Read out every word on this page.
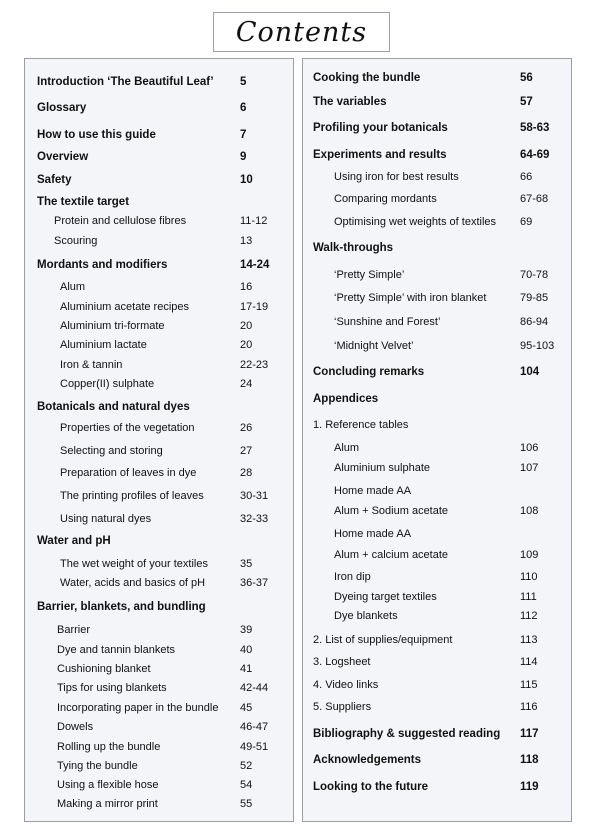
Contents
Introduction ‘The Beautiful Leaf’ 5
Glossary	6
How to use this guide	7
Overview	9
Safety	10
The textile target
Protein and cellulose fibres	11-12
Scouring	13
Mordants and modifiers	14-24
Alum	16
Aluminium acetate recipes	17-19
Aluminium tri-formate	20
Aluminium lactate	20
Iron & tannin	22-23
Copper(II) sulphate	24
Botanicals and natural dyes
Properties of the vegetation	26
Selecting and storing	27
Preparation of leaves in dye	28
The printing profiles of leaves	30-31
Using natural dyes	32-33
Water and pH
The wet weight of your textiles	35
Water, acids and basics of pH	36-37
Barrier, blankets, and bundling
Barrier	39
Dye and tannin blankets	40
Cushioning blanket	41
Tips for using blankets	42-44
Incorporating paper in the bundle 45
Dowels	46-47
Rolling up the bundle	49-51
Tying the bundle	52
Using a flexible hose	54
Making a mirror print	55
Cooking the bundle	56
The variables	57
Profiling your botanicals	58-63
Experiments and results	64-69
Using iron for best results	66
Comparing mordants	67-68
Optimising wet weights of textiles 69
Walk-throughs
‘Pretty Simple’	70-78
‘Pretty Simple’ with iron blanket	79-85
‘Sunshine and Forest’	86-94
‘Midnight Velvet’	95-103
Concluding remarks	104
Appendices
1. Reference tables
Alum	106
Aluminium sulphate	107
Home made AA
Alum + Sodium acetate	108
Home made AA
Alum + calcium acetate	109
Iron dip	110
Dyeing target textiles	111
Dye blankets	112
2. List of supplies/equipment	113
3. Logsheet	114
4. Video links	115
5. Suppliers	116
Bibliography & suggested reading 117
Acknowledgements	118
Looking to the future	119
